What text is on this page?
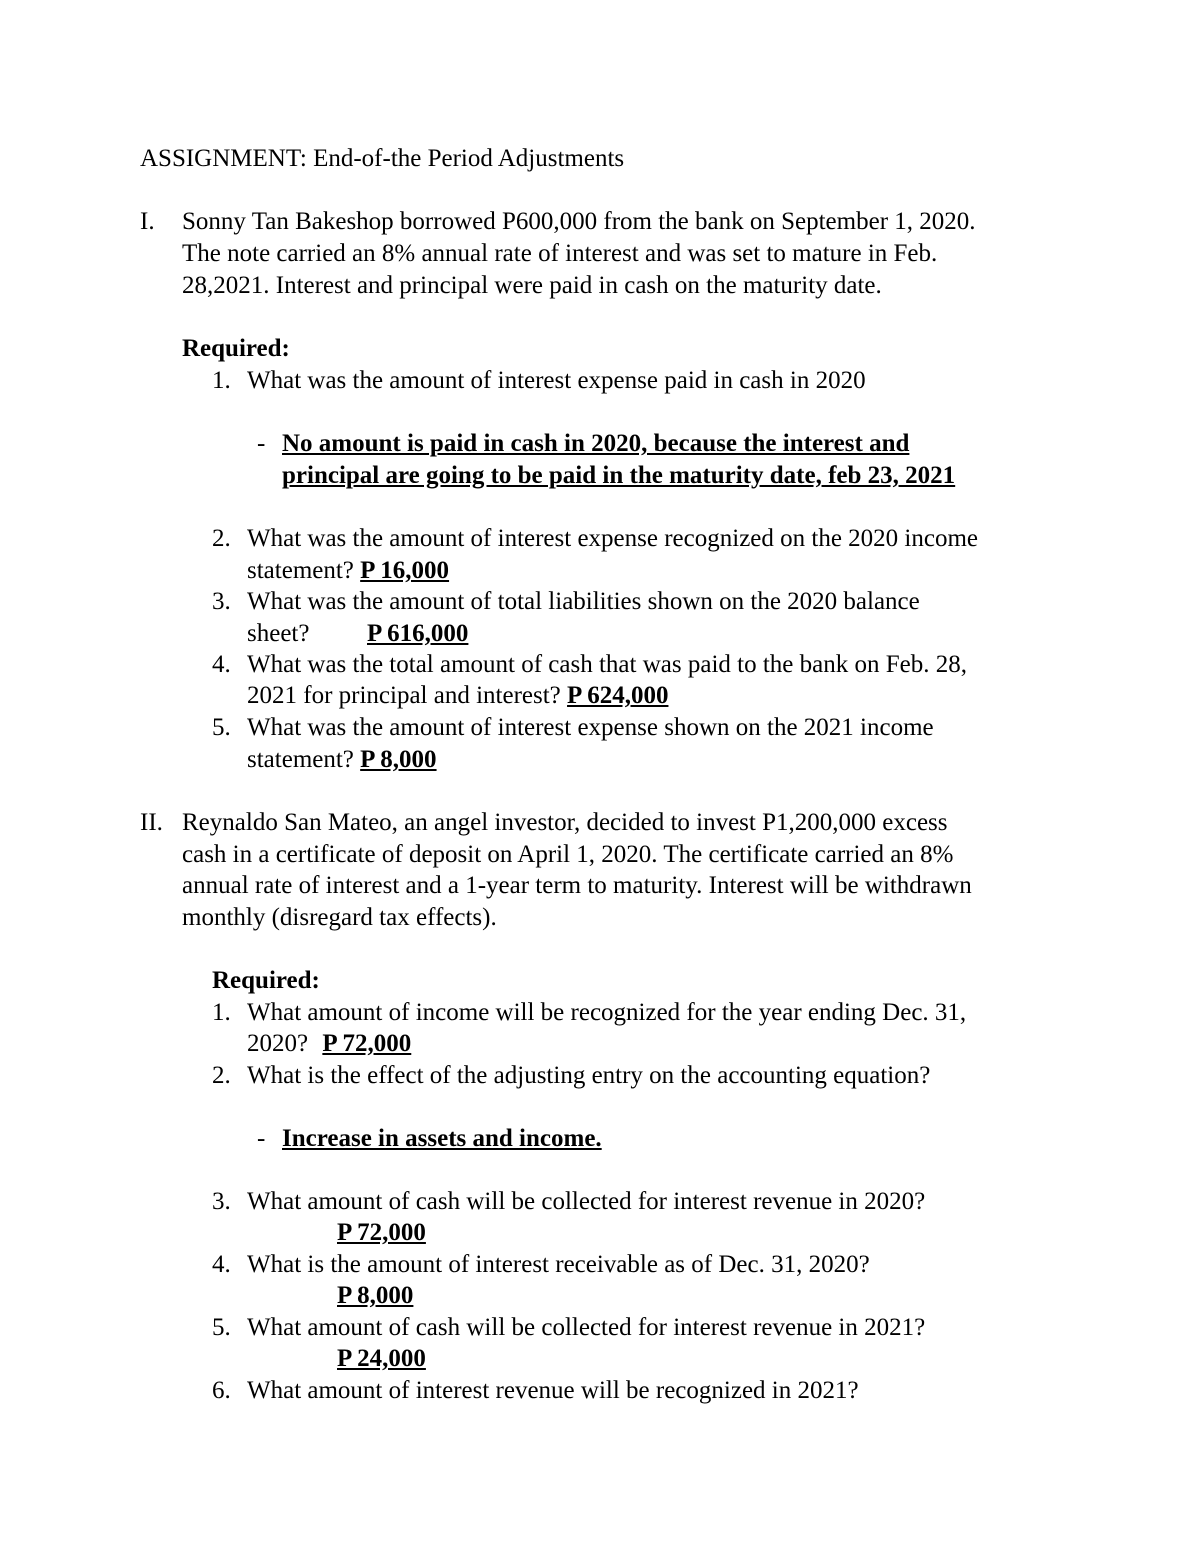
ASSIGNMENT: End-of-the Period Adjustments
I. Sonny Tan Bakeshop borrowed P600,000 from the bank on September 1, 2020.
The note carried an 8% annual rate of interest and was set to mature in Feb.
28,2021. Interest and principal were paid in cash on the maturity date.
Required:
1. What was the amount of interest expense paid in cash in 2020
- No amount is paid in cash in 2020, because the interest and
principal are going to be paid in the maturity date, feb 23, 2021
2. What was the amount of interest expense recognized on the 2020 income
statement? P 16,000
3. What was the amount of total liabilities shown on the 2020 balance
sheet? P 616,000
4. What was the total amount of cash that was paid to the bank on Feb. 28,
2021 for principal and interest? P 624,000
5. What was the amount of interest expense shown on the 2021 income
statement? P 8,000
II. Reynaldo San Mateo, an angel investor, decided to invest P1,200,000 excess
cash in a certificate of deposit on April 1, 2020. The certificate carried an 8%
annual rate of interest and a 1-year term to maturity. Interest will be withdrawn
monthly (disregard tax effects).
Required:
1. What amount of income will be recognized for the year ending Dec. 31,
2020? P 72,000
2. What is the effect of the adjusting entry on the accounting equation?
- Increase in assets and income.
3. What amount of cash will be collected for interest revenue in 2020?
P 72,000
4. What is the amount of interest receivable as of Dec. 31, 2020?
P 8,000
5. What amount of cash will be collected for interest revenue in 2021?
P 24,000
6. What amount of interest revenue will be recognized in 2021?
